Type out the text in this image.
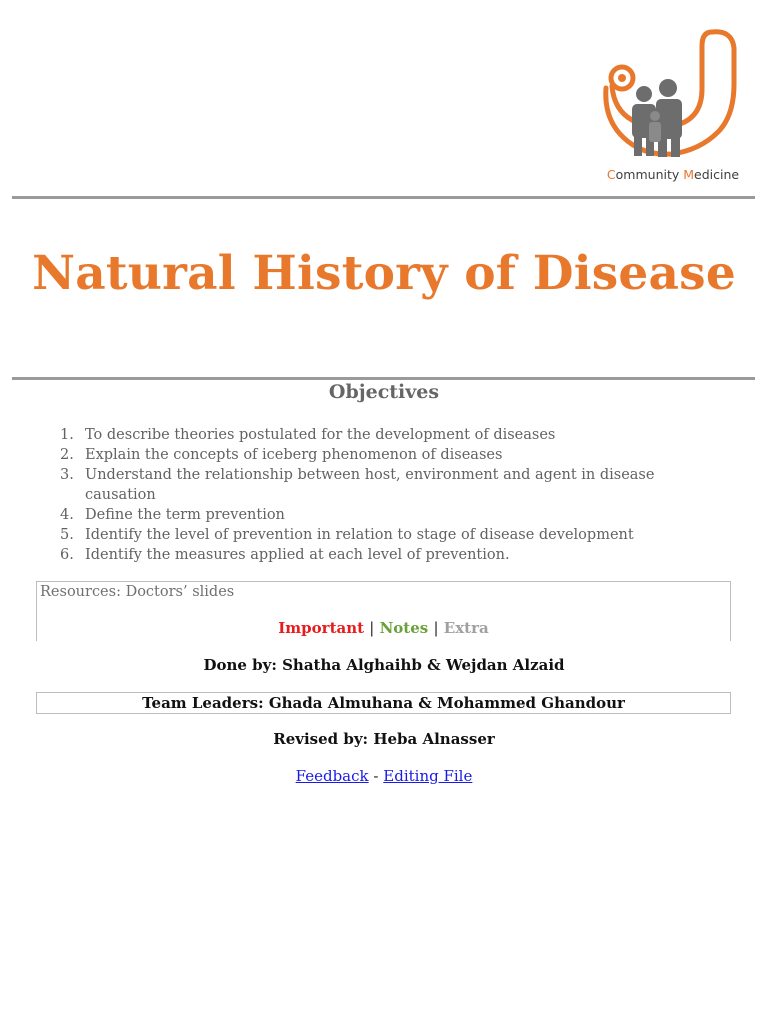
Community Medicine
Natural History of Disease
Objectives
1. To describe theories postulated for the development of diseases
2. Explain the concepts of iceberg phenomenon of diseases
3. Understand the relationship between host, environment and agent in disease causation
4. Define the term prevention
5. Identify the level of prevention in relation to stage of disease development
6. Identify the measures applied at each level of prevention.
Resources: Doctors’ slides
Important | Notes | Extra
Done by: Shatha Alghaihb & Wejdan Alzaid
Team Leaders: Ghada Almuhana & Mohammed Ghandour
Revised by: Heba Alnasser
Feedback - Editing File
